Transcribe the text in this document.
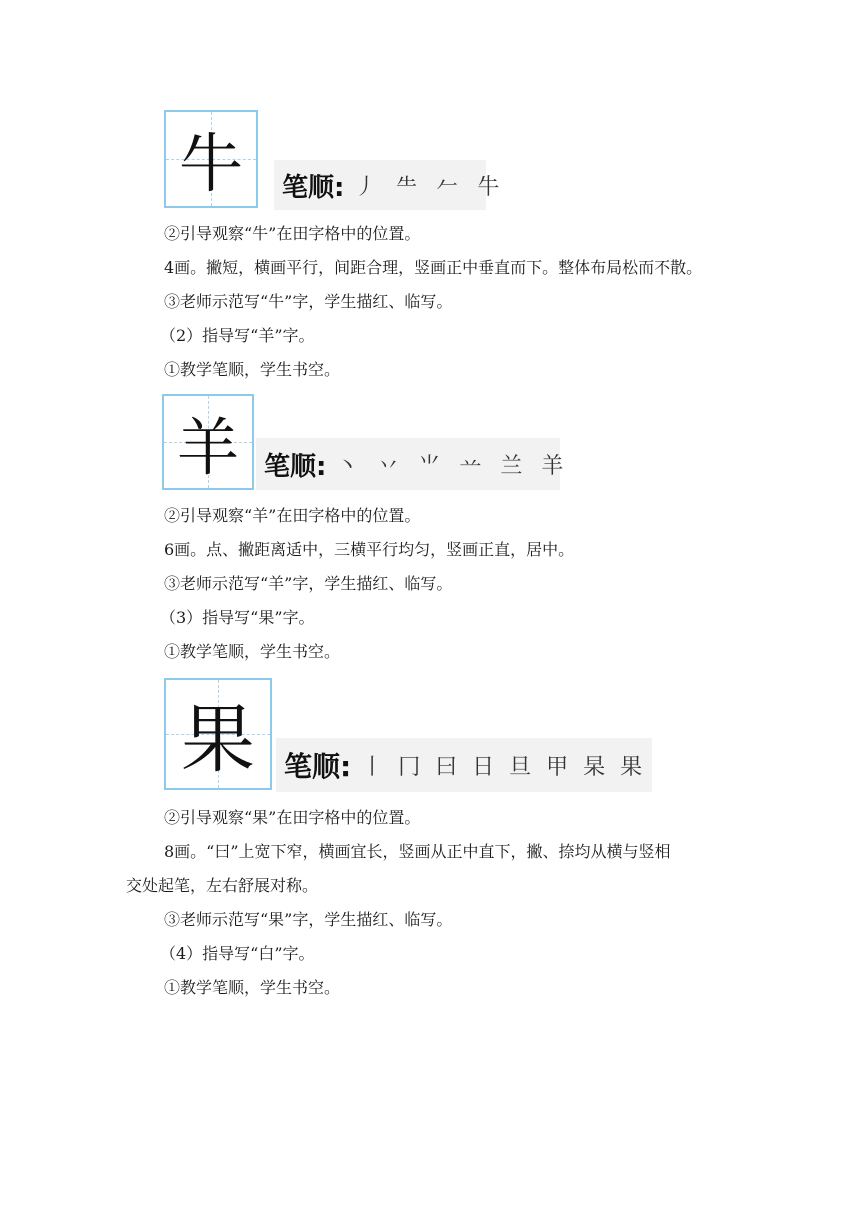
牛	笔顺: 丿 ⺧ 𠂉 牛
②引导观察“牛”在田字格中的位置。
4画。撇短，横画平行，间距合理，竖画正中垂直而下。整体布局松而不散。
③老师示范写“牛”字，学生描红、临写。
（2）指导写“羊”字。
①教学笔顺，学生书空。
羊 笔顺: 丶 丷 ⺌ 䒑 兰 羊
②引导观察“羊”在田字格中的位置。
6画。点、撇距离适中，三横平行均匀，竖画正直，居中。
③老师示范写“羊”字，学生描红、临写。
（3）指导写“果”字。
①教学笔顺，学生书空。
果	笔顺: 丨 冂 曰 日 旦 甲 杲 果
②引导观察“果”在田字格中的位置。
8画。“曰”上宽下窄，横画宜长，竖画从正中直下，撇、捺均从横与竖相
交处起笔，左右舒展对称。
③老师示范写“果”字，学生描红、临写。
（4）指导写“白”字。
①教学笔顺，学生书空。
